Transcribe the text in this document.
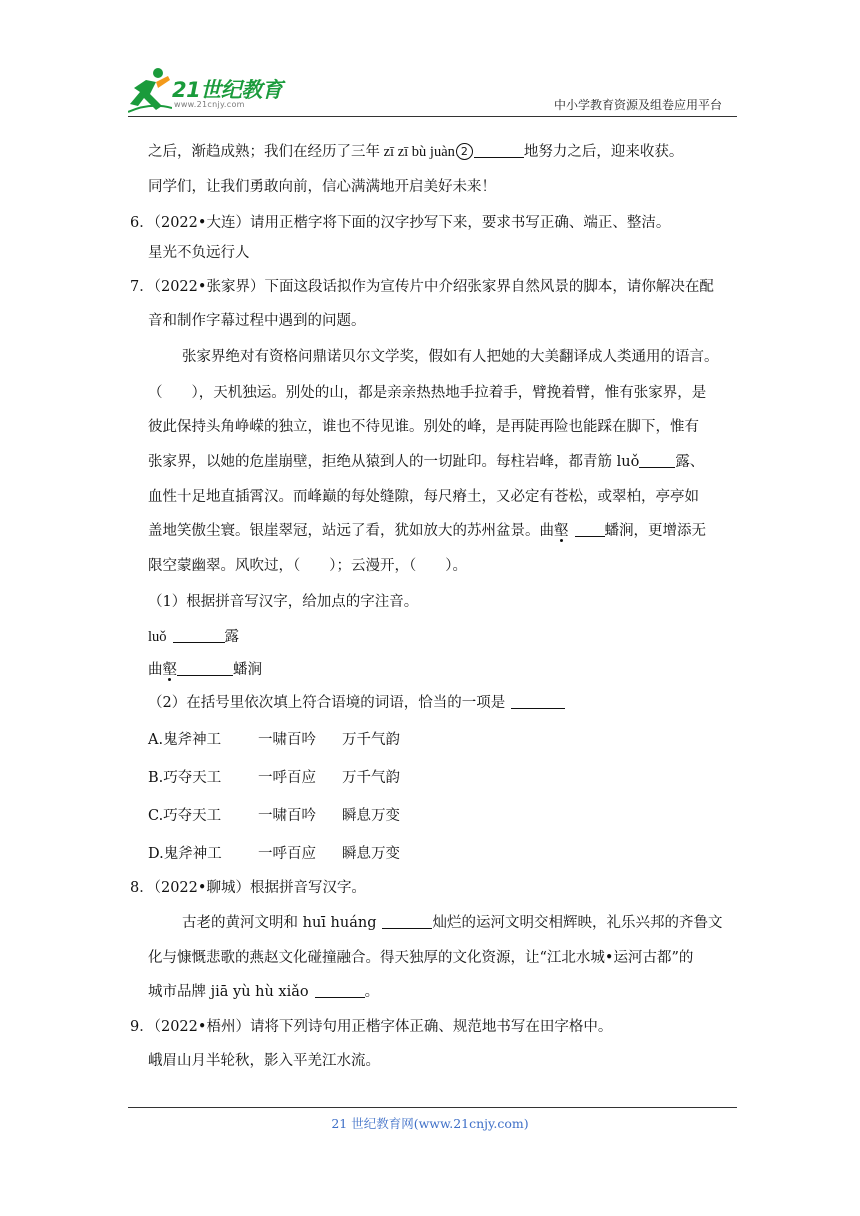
21世纪教育
www.21cnjy.com	中小学教育资源及组卷应用平台
之后，渐趋成熟；我们在经历了三年 zī zī bù juàn 2	地努力之后，迎来收获。
同学们，让我们勇敢向前，信心满满地开启美好未来！
6．（2022•大连）请用正楷字将下面的汉字抄写下来，要求书写正确、端正、整洁。
星光不负远行人
7．（2022•张家界）下面这段话拟作为宣传片中介绍张家界自然风景的脚本，请你解决在配
音和制作字幕过程中遇到的问题。
张家界绝对有资格问鼎诺贝尔文学奖，假如有人把她的大美翻译成人类通用的语言。
（　　），天机独运。别处的山，都是亲亲热热地手拉着手，臂挽着臂，惟有张家界，是
彼此保持头角峥嵘的独立，谁也不待见谁。别处的峰，是再陡再险也能踩在脚下，惟有
张家界，以她的危崖崩壁，拒绝从猿到人的一切趾印。每柱岩峰，都青筋 luǒ 露、
血性十足地直插霄汉。而峰巅的每处缝隙，每尺瘠土，又必定有苍松，或翠柏，亭亭如
盖地笑傲尘寰。银崖翠冠，站远了看，犹如放大的苏州盆景。曲壑 蟠涧，更增添无
限空蒙幽翠。风吹过，（　　）；云漫开，（　　）。
（1）根据拼音写汉字，给加点的字注音。
luǒ	露
曲壑	蟠涧
（2）在括号里依次填上符合语境的词语，恰当的一项是
A.鬼斧神工	一啸百吟 万千气韵
B.巧夺天工	一呼百应 万千气韵
C.巧夺天工	一啸百吟 瞬息万变
D.鬼斧神工	一呼百应 瞬息万变
8．（2022•聊城）根据拼音写汉字。
古老的黄河文明和 huī huáng	灿烂的运河文明交相辉映，礼乐兴邦的齐鲁文
化与慷慨悲歌的燕赵文化碰撞融合。得天独厚的文化资源，让“江北水城•运河古都”的
城市品牌 jiā yù hù xiǎo	。
9．（2022•梧州）请将下列诗句用正楷字体正确、规范地书写在田字格中。
峨眉山月半轮秋，影入平羌江水流。
21 世纪教育网(www.21cnjy.com)
